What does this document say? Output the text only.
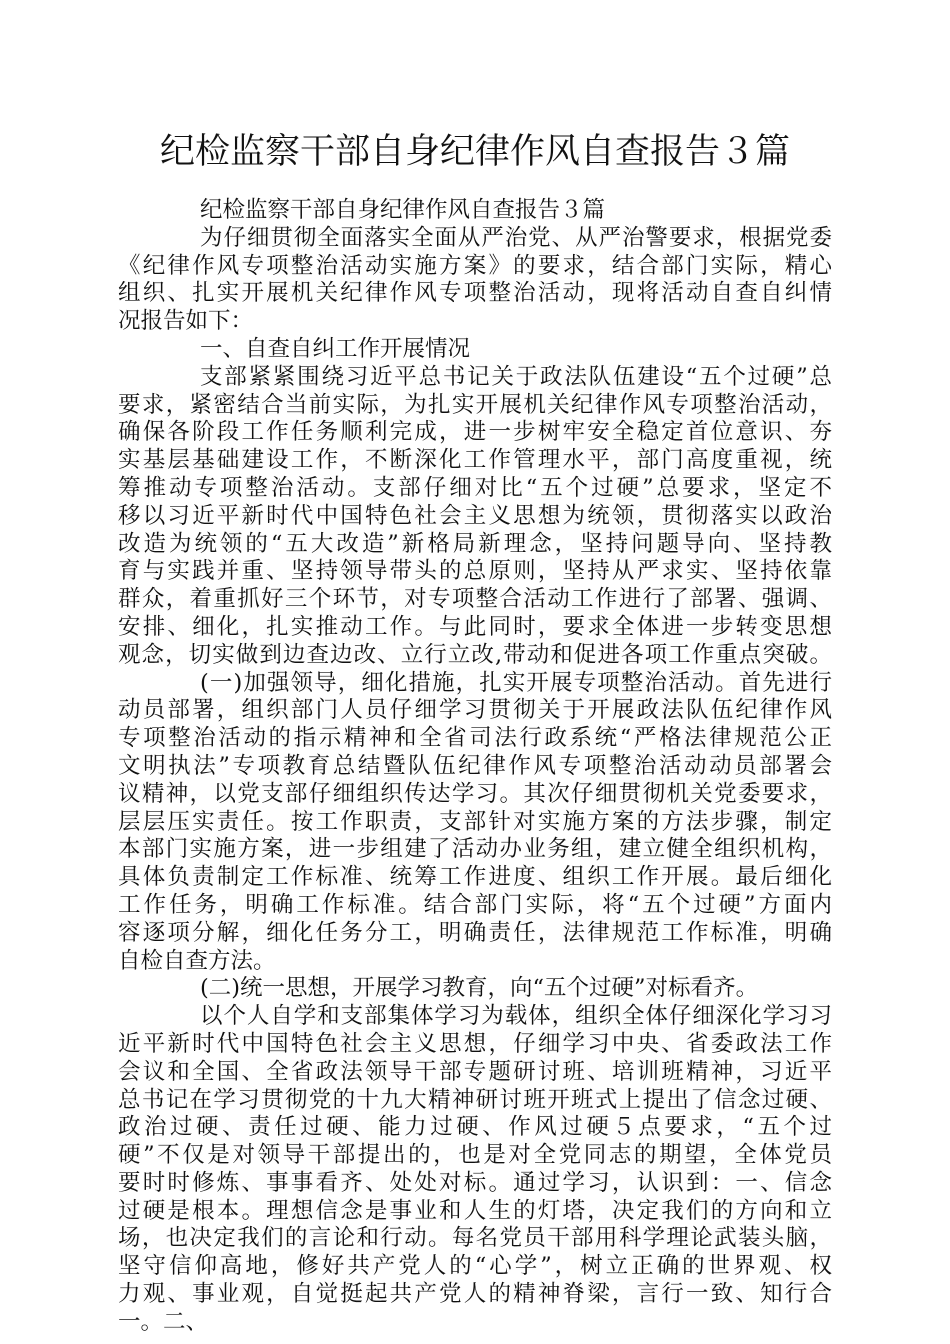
纪检监察干部自身纪律作风自查报告３篇
纪检监察干部自身纪律作风自查报告３篇
为仔细贯彻全面落实全面从严治党、从严治警要求，根据党委
《纪律作风专项整治活动实施方案》的要求，结合部门实际，精心
组织、扎实开展机关纪律作风专项整治活动，现将活动自查自纠情
况报告如下：
一、自查自纠工作开展情况
支部紧紧围绕习近平总书记关于政法队伍建设“五个过硬”总
要求，紧密结合当前实际，为扎实开展机关纪律作风专项整治活动，
确保各阶段工作任务顺利完成，进一步树牢安全稳定首位意识、夯
实基层基础建设工作，不断深化工作管理水平，部门高度重视，统
筹推动专项整治活动。支部仔细对比“五个过硬”总要求，坚定不
移以习近平新时代中国特色社会主义思想为统领，贯彻落实以政治
改造为统领的“五大改造”新格局新理念，坚持问题导向、坚持教
育与实践并重、坚持领导带头的总原则，坚持从严求实、坚持依靠
群众，着重抓好三个环节，对专项整合活动工作进行了部署、强调、
安排、细化，扎实推动工作。与此同时，要求全体进一步转变思想
观念，切实做到边查边改、立行立改,带动和促进各项工作重点突破。
(一)加强领导，细化措施，扎实开展专项整治活动。首先进行
动员部署，组织部门人员仔细学习贯彻关于开展政法队伍纪律作风
专项整治活动的指示精神和全省司法行政系统“严格法律规范公正
文明执法”专项教育总结暨队伍纪律作风专项整治活动动员部署会
议精神，以党支部仔细组织传达学习。其次仔细贯彻机关党委要求，
层层压实责任。按工作职责，支部针对实施方案的方法步骤，制定
本部门实施方案，进一步组建了活动办业务组，建立健全组织机构，
具体负责制定工作标准、统筹工作进度、组织工作开展。最后细化
工作任务，明确工作标准。结合部门实际，将“五个过硬”方面内
容逐项分解，细化任务分工，明确责任，法律规范工作标准，明确
自检自查方法。
(二)统一思想，开展学习教育，向“五个过硬”对标看齐。
以个人自学和支部集体学习为载体，组织全体仔细深化学习习
近平新时代中国特色社会主义思想，仔细学习中央、省委政法工作
会议和全国、全省政法领导干部专题研讨班、培训班精神，习近平
总书记在学习贯彻党的十九大精神研讨班开班式上提出了信念过硬、
政治过硬、责任过硬、能力过硬、作风过硬５点要求，“五个过
硬”不仅是对领导干部提出的，也是对全党同志的期望，全体党员
要时时修炼、事事看齐、处处对标。通过学习，认识到：一、信念
过硬是根本。理想信念是事业和人生的灯塔，决定我们的方向和立
场，也决定我们的言论和行动。每名党员干部用科学理论武装头脑，
坚守信仰高地，修好共产党人的“心学”，树立正确的世界观、权
力观、事业观，自觉挺起共产党人的精神脊梁，言行一致、知行合
一。二、
